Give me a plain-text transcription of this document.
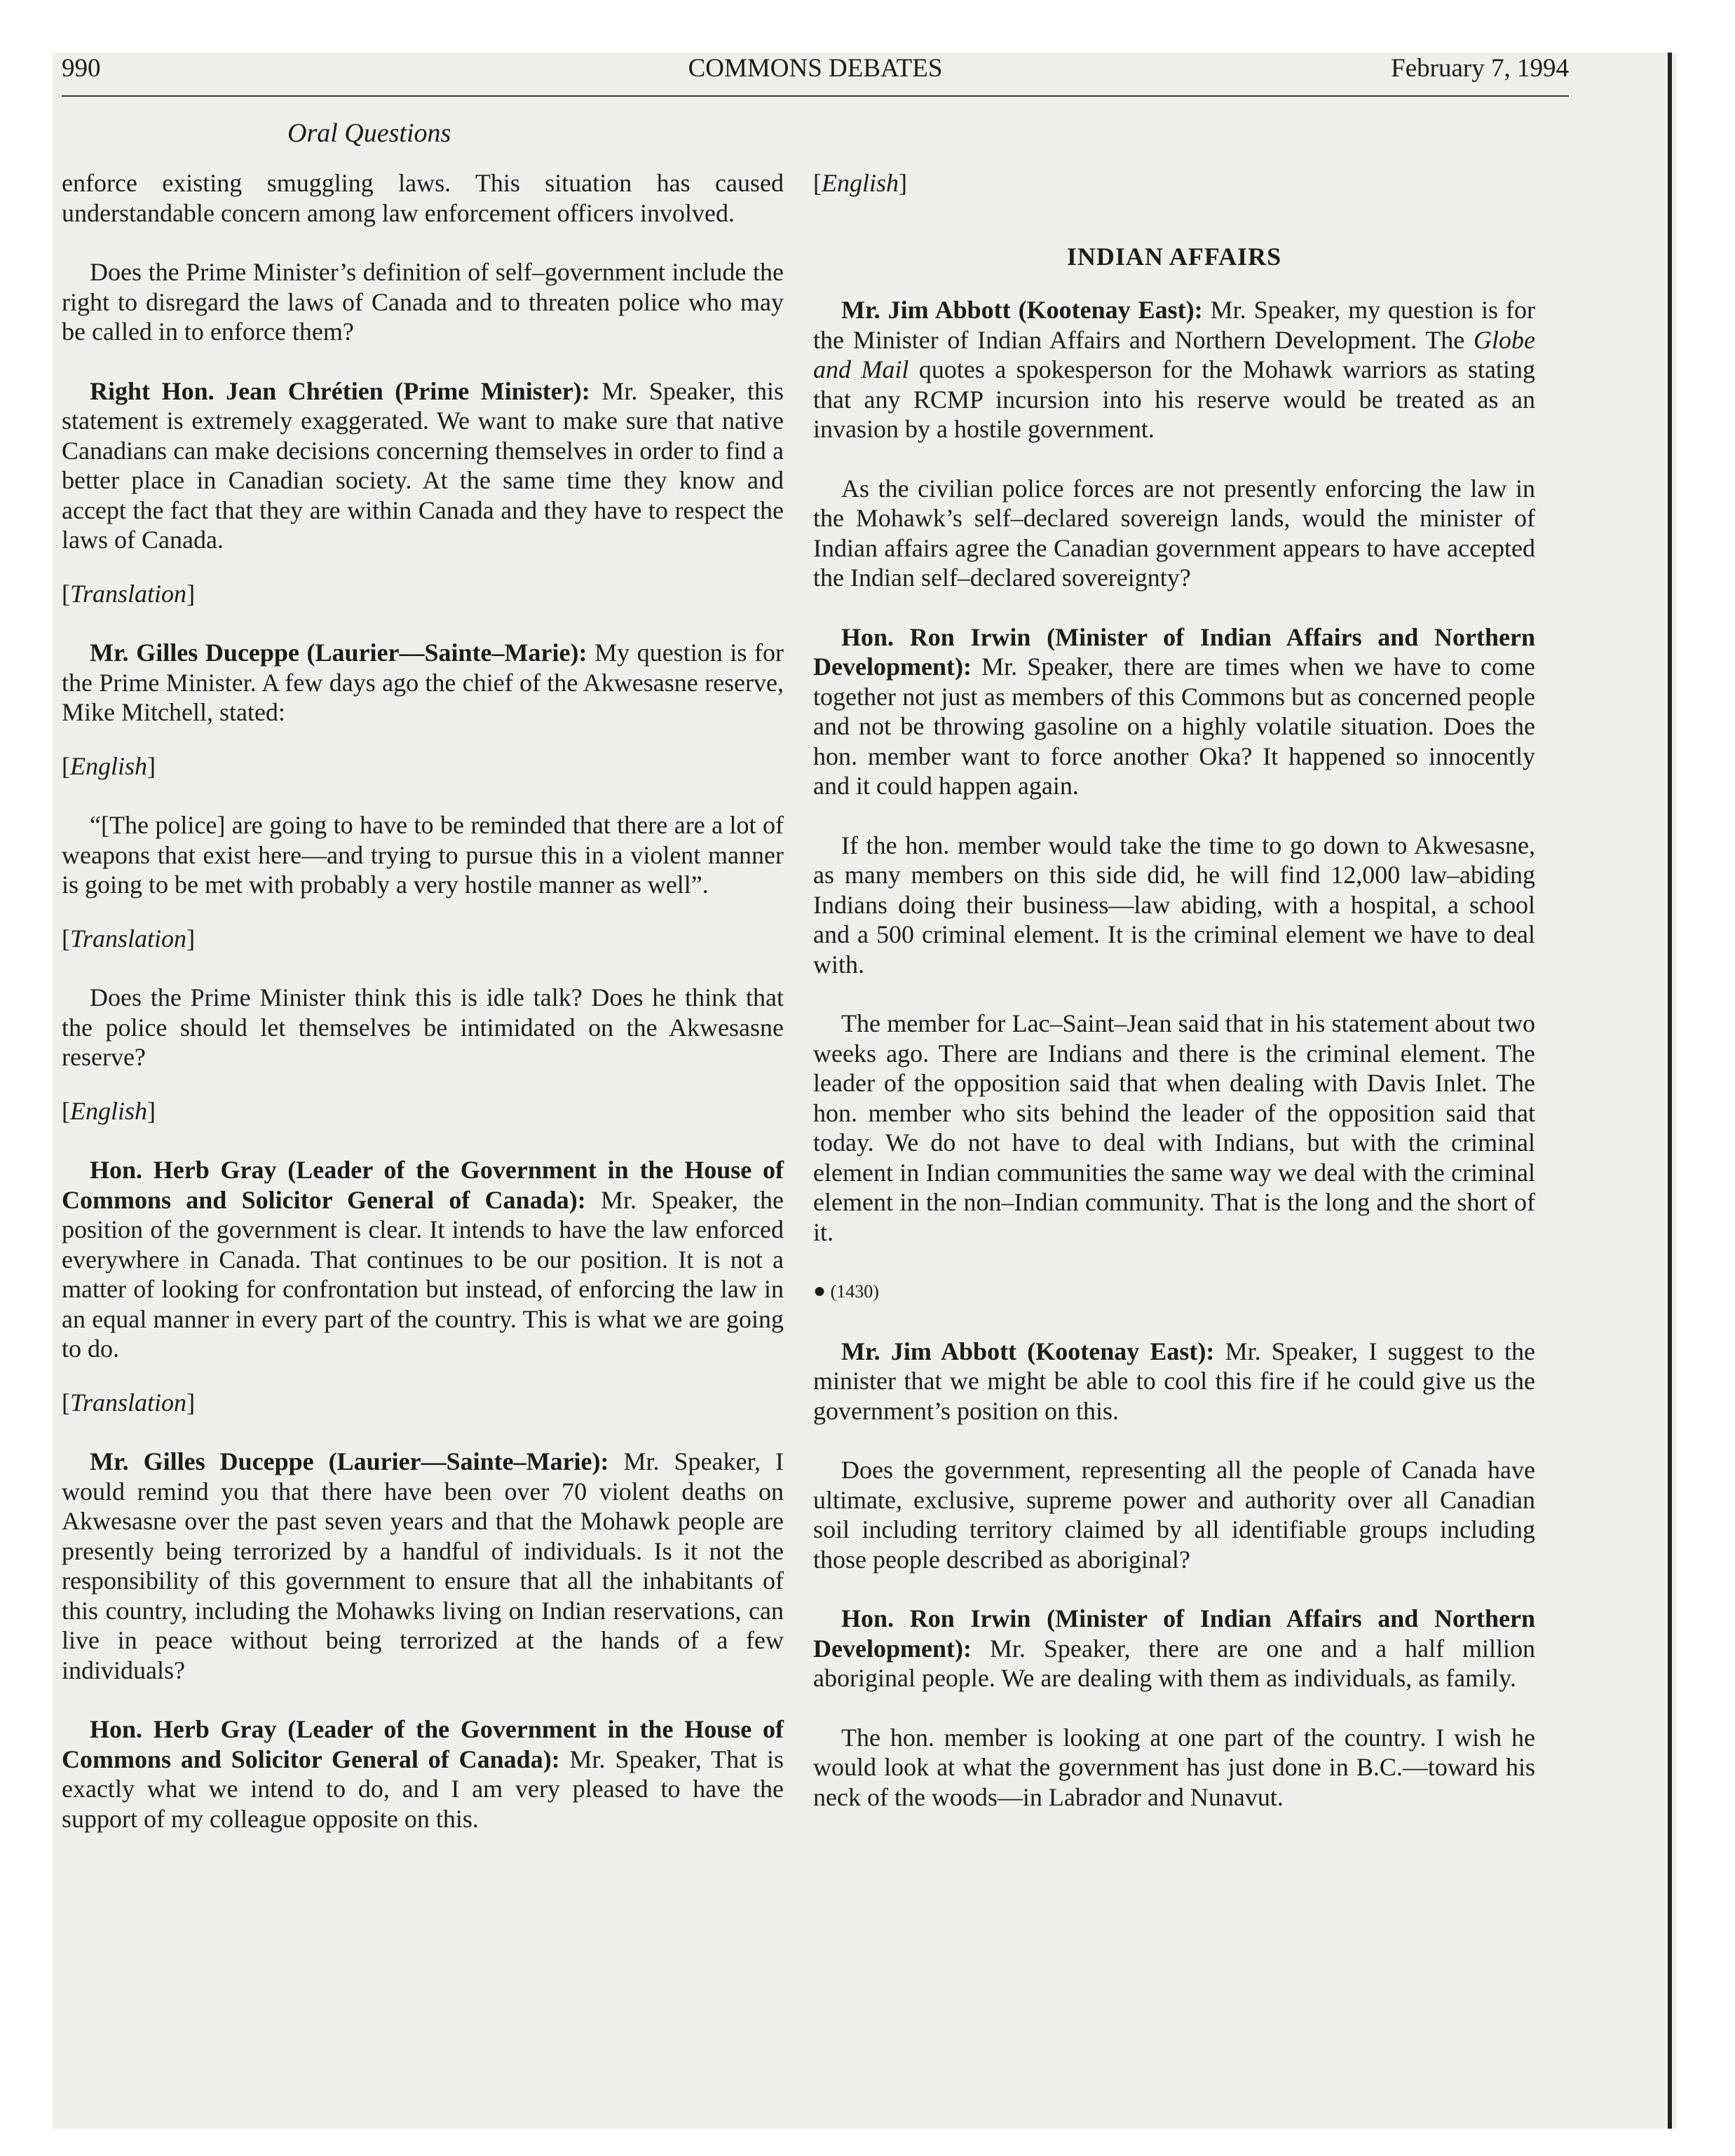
990	COMMONS DEBATES	February 7, 1994
Oral Questions

enforce existing smuggling laws. This situation has caused understandable concern among law enforcement officers involved.

Does the Prime Minister’s definition of self–government include the right to disregard the laws of Canada and to threaten police who may be called in to enforce them?

Right Hon. Jean Chrétien (Prime Minister): Mr. Speaker, this statement is extremely exaggerated. We want to make sure that native Canadians can make decisions concerning themselves in order to find a better place in Canadian society. At the same time they know and accept the fact that they are within Canada and they have to respect the laws of Canada.

[ Translation ]

Mr. Gilles Duceppe (Laurier—Sainte–Marie): My question is for the Prime Minister. A few days ago the chief of the Akwesasne reserve, Mike Mitchell, stated:

[ English ]

“[The police] are going to have to be reminded that there are a lot of weapons that exist here—and trying to pursue this in a violent manner is going to be met with probably a very hostile manner as well”.

[ Translation ]

Does the Prime Minister think this is idle talk? Does he think that the police should let themselves be intimidated on the Akwesasne reserve?

[ English ]

Hon. Herb Gray (Leader of the Government in the House of Commons and Solicitor General of Canada): Mr. Speaker, the position of the government is clear. It intends to have the law enforced everywhere in Canada. That continues to be our position. It is not a matter of looking for confrontation but instead, of enforcing the law in an equal manner in every part of the country. This is what we are going to do.

[ Translation ]

Mr. Gilles Duceppe (Laurier—Sainte–Marie): Mr. Speaker, I would remind you that there have been over 70 violent deaths on Akwesasne over the past seven years and that the Mohawk people are presently being terrorized by a handful of individuals. Is it not the responsibility of this government to ensure that all the inhabitants of this country, including the Mohawks living on Indian reservations, can live in peace without being terrorized at the hands of a few individuals?

Hon. Herb Gray (Leader of the Government in the House of Commons and Solicitor General of Canada): Mr. Speaker, That is exactly what we intend to do, and I am very pleased to have the support of my colleague opposite on this.

[ English ]

INDIAN AFFAIRS

Mr. Jim Abbott (Kootenay East): Mr. Speaker, my question is for the Minister of Indian Affairs and Northern Development. The Globe and Mail quotes a spokesperson for the Mohawk warriors as stating that any RCMP incursion into his reserve would be treated as an invasion by a hostile government.

As the civilian police forces are not presently enforcing the law in the Mohawk’s self–declared sovereign lands, would the minister of Indian affairs agree the Canadian government appears to have accepted the Indian self–declared sovereignty?

Hon. Ron Irwin (Minister of Indian Affairs and Northern Development): Mr. Speaker, there are times when we have to come together not just as members of this Commons but as concerned people and not be throwing gasoline on a highly volatile situation. Does the hon. member want to force another Oka? It happened so innocently and it could happen again.

If the hon. member would take the time to go down to Akwesasne, as many members on this side did, he will find 12,000 law–abiding Indians doing their business—law abiding, with a hospital, a school and a 500 criminal element. It is the criminal element we have to deal with.

The member for Lac–Saint–Jean said that in his statement about two weeks ago. There are Indians and there is the criminal element. The leader of the opposition said that when dealing with Davis Inlet. The hon. member who sits behind the leader of the opposition said that today. We do not have to deal with Indians, but with the criminal element in Indian communities the same way we deal with the criminal element in the non–Indian community. That is the long and the short of it.

● (1430)

Mr. Jim Abbott (Kootenay East): Mr. Speaker, I suggest to the minister that we might be able to cool this fire if he could give us the government’s position on this.

Does the government, representing all the people of Canada have ultimate, exclusive, supreme power and authority over all Canadian soil including territory claimed by all identifiable groups including those people described as aboriginal?

Hon. Ron Irwin (Minister of Indian Affairs and Northern Development): Mr. Speaker, there are one and a half million aboriginal people. We are dealing with them as individuals, as family.

The hon. member is looking at one part of the country. I wish he would look at what the government has just done in B.C.—toward his neck of the woods—in Labrador and Nunavut.
